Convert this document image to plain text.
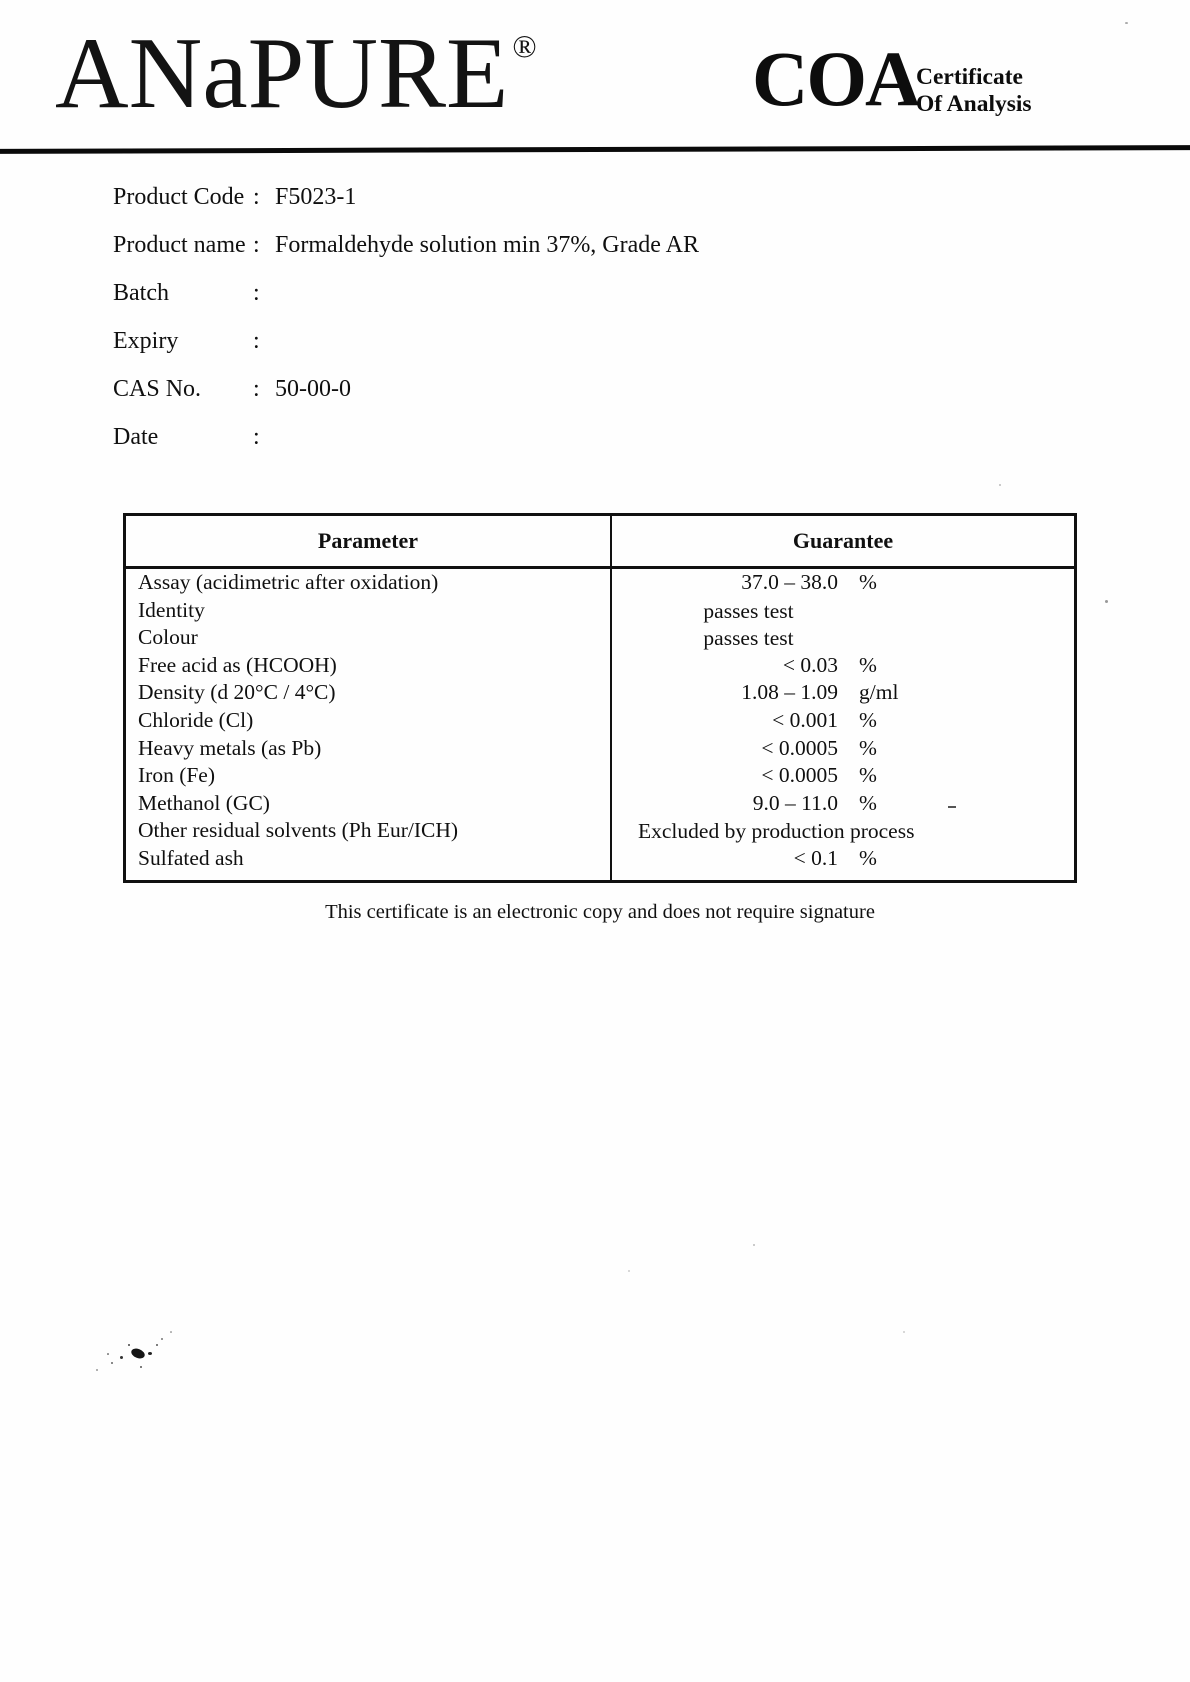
ANaPURE ®	COA
Certificate
Of Analysis
Product Code : F5023-1
Product name : Formaldehyde solution min 37%, Grade AR
Batch	:
Expiry	:
CAS No. : 50-00-0
Date	:
Parameter	Guarantee
Assay (acidimetric after oxidation)	37.0 – 38.0 %
Identity	passes test
Colour	passes test
Free acid as (HCOOH)	< 0.03 %
Density (d 20°C / 4°C)	1.08 – 1.09 g/ml
Chloride (Cl)	< 0.001 %
Heavy metals (as Pb)	< 0.0005 %
Iron (Fe)	< 0.0005 %
Methanol (GC)	9.0 – 11.0 %
Other residual solvents (Ph Eur/ICH)	Excluded by production process
Sulfated ash	< 0.1 %
This certificate is an electronic copy and does not require signature
